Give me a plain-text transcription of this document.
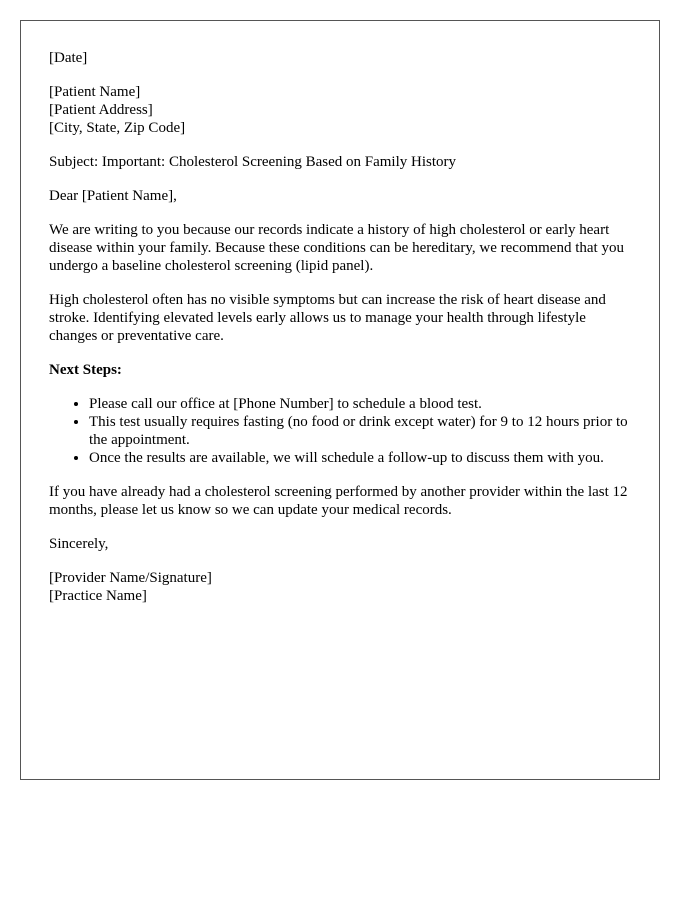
[Date]
[Patient Name]
[Patient Address]
[City, State, Zip Code]

Subject: Important: Cholesterol Screening Based on Family History

Dear [Patient Name],

We are writing to you because our records indicate a history of high cholesterol or early heart disease within your family. Because these conditions can be hereditary, we recommend that you undergo a baseline cholesterol screening (lipid panel).

High cholesterol often has no visible symptoms but can increase the risk of heart disease and stroke. Identifying elevated levels early allows us to manage your health through lifestyle changes or preventative care.

Next Steps:
• Please call our office at [Phone Number] to schedule a blood test.
• This test usually requires fasting (no food or drink except water) for 9 to 12 hours prior to the appointment.
• Once the results are available, we will schedule a follow-up to discuss them with you.

If you have already had a cholesterol screening performed by another provider within the last 12 months, please let us know so we can update your medical records.

Sincerely,

[Provider Name/Signature]
[Practice Name]
